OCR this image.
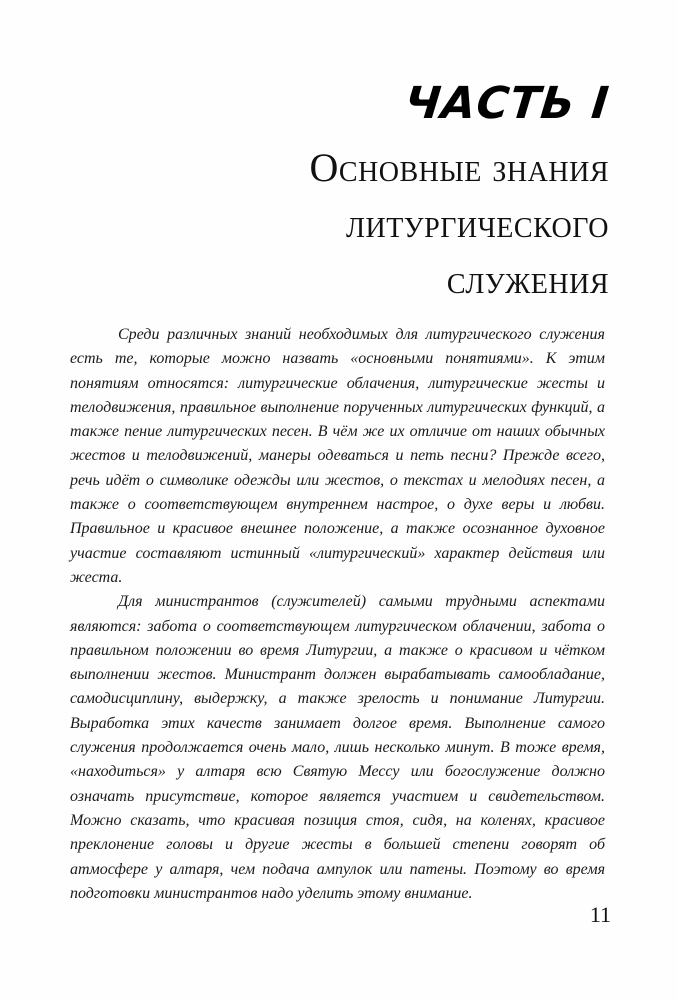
ЧАСТЬ I
Основные знания
литургического
служения

Среди различных знаний необходимых для литургического служения есть те, которые можно назвать «основными понятиями». К этим понятиям относятся: литургические облачения, литургические жесты и телодвижения, правильное выполнение порученных литургических функций, а также пение литургических песен. В чём же их отличие от наших обычных жестов и телодвижений, манеры одеваться и петь песни? Прежде всего, речь идёт о символике одежды или жестов, о текстах и мелодиях песен, а также о соответствующем внутреннем настрое, о духе веры и любви. Правильное и красивое внешнее положение, а также осознанное духовное участие составляют истинный «литургический» характер действия или жеста.

Для министрантов (служителей) самыми трудными аспектами являются: забота о соответствующем литургическом облачении, забота о правильном положении во время Литургии, а также о красивом и чётком выполнении жестов. Министрант должен вырабатывать самообладание, самодисциплину, выдержку, а также зрелость и понимание Литургии. Выработка этих качеств занимает долгое время. Выполнение самого служения продолжается очень мало, лишь несколько минут. В тоже время, «находиться» у алтаря всю Святую Мессу или богослужение должно означать присутствие, которое является участием и свидетельством. Можно сказать, что красивая позиция стоя, сидя, на коленях, красивое преклонение головы и другие жесты в большей степени говорят об атмосфере у алтаря, чем подача ампулок или патены. Поэтому во время подготовки министрантов надо уделить этому внимание.

11
